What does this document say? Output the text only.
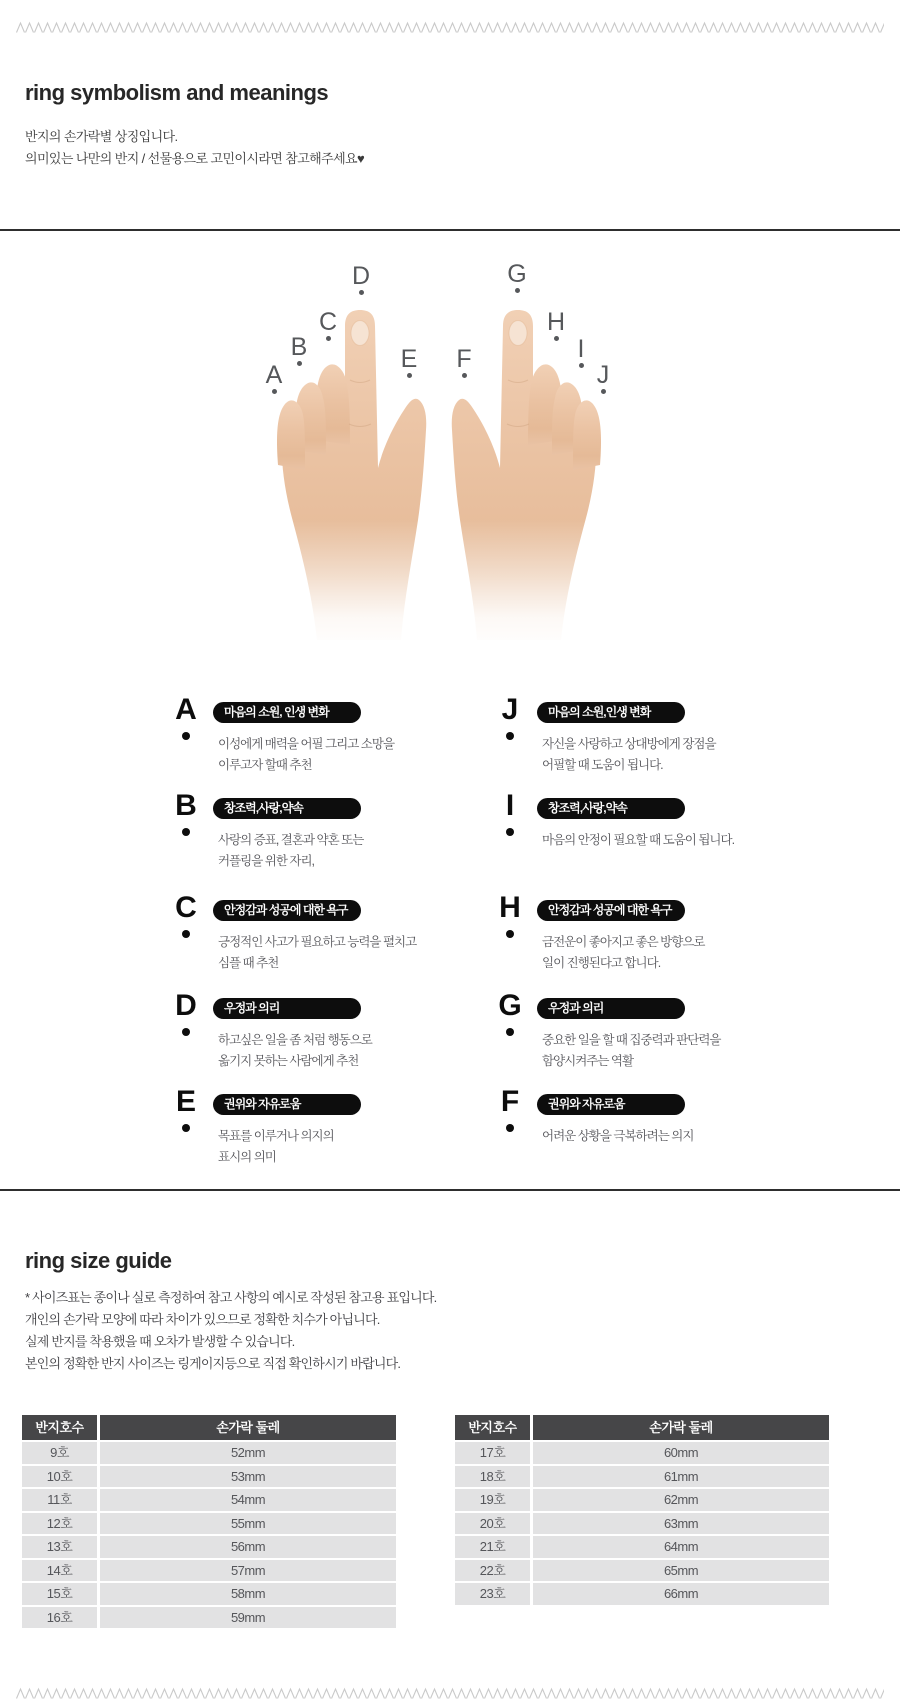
ring symbolism and meanings
반지의 손가락별 상징입니다.
의미있는 나만의 반지 / 선물용으로 고민이시라면 참고해주세요♥
A
B
C
D
E F
G
H
I
J
A	마음의 소원, 인생 변화
이성에게 매력을 어필 그리고 소망을
이루고자 할때 추천
B	창조력,사랑,약속
사랑의 증표, 결혼과 약혼 또는
커플링을 위한 자리,
C	안정감과 성공에 대한 욕구
긍정적인 사고가 필요하고 능력을 펼치고
심플 때 추천
D	우정과 의리
하고싶은 일을 좀 처럼 행동으로
옮기지 못하는 사람에게 추천
E	권위와 자유로움
목표를 이루거나 의지의
표시의 의미
J	마음의 소원,인생 변화
자신을 사랑하고 상대방에게 장점을
어필할 때 도움이 됩니다.
I	창조력,사랑,약속
마음의 안정이 필요할 때 도움이 됩니다.
H	안정감과 성공에 대한 욕구
금전운이 좋아지고 좋은 방향으로
일이 진행된다고 합니다.
G	우정과 의리
중요한 일을 할 때 집중력과 판단력을
함양시켜주는 역활
F	권위와 자유로움
어려운 상황을 극복하려는 의지
ring size guide
* 사이즈표는 종이나 실로 측정하여 참고 사항의 예시로 작성된 참고용 표입니다.
개인의 손가락 모양에 따라 차이가 있으므로 정확한 치수가 아닙니다.
실제 반지를 착용했을 때 오차가 발생할 수 있습니다.
본인의 정확한 반지 사이즈는 링게이지등으로 직접 확인하시기 바랍니다.
반지호수	손가락 둘레
9호	52mm
10호	53mm
11호	54mm
12호	55mm
13호	56mm
14호	57mm
15호	58mm
16호	59mm
반지호수	손가락 둘레
17호	60mm
18호	61mm
19호	62mm
20호	63mm
21호	64mm
22호	65mm
23호	66mm
